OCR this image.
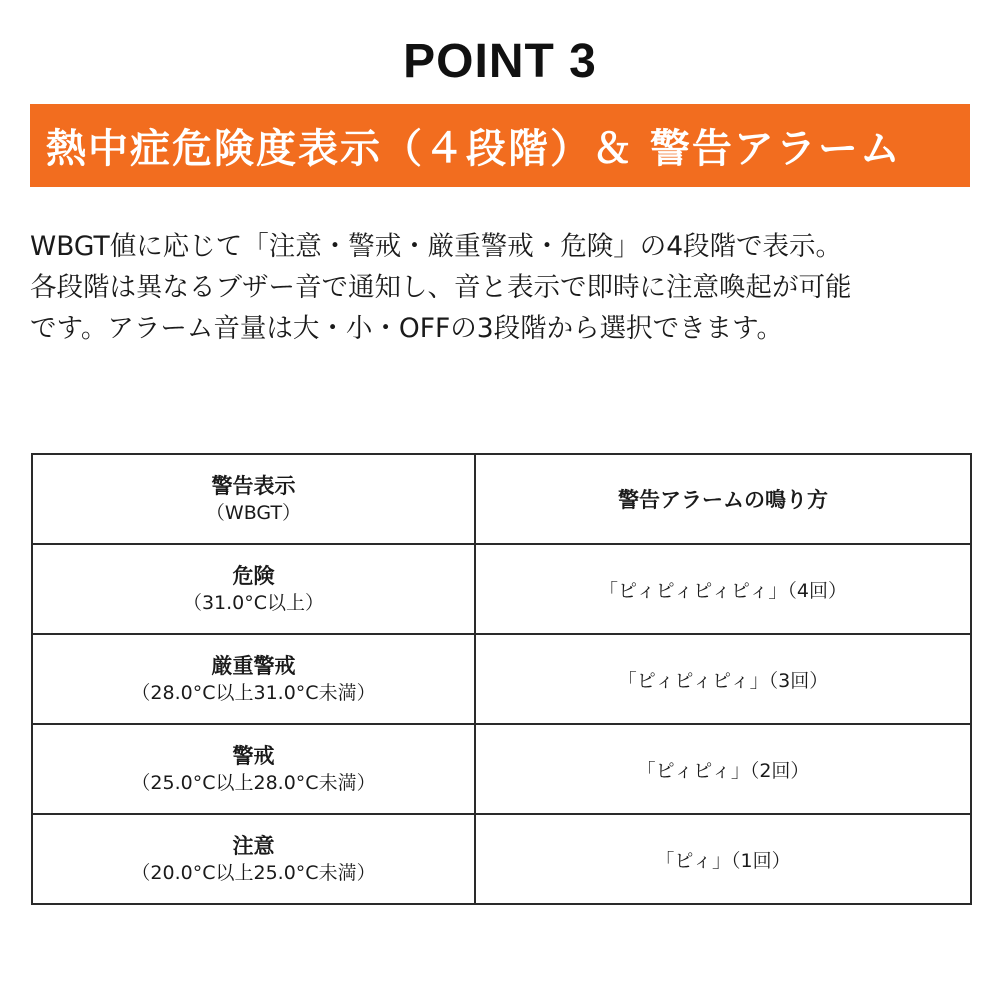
POINT 3
熱中症危険度表示（４段階）＆ 警告アラーム
WBGT値に応じて「注意・警戒・厳重警戒・危険」の4段階で表示。
各段階は異なるブザー音で通知し、音と表示で即時に注意喚起が可能
です。アラーム音量は大・小・OFFの3段階から選択できます。
警告表示
（WBGT）	警告アラームの鳴り方

危険
（31.0°C以上）	「ピィピィピィピィ」（4回）

厳重警戒
（28.0°C以上31.0°C未満）	「ピィピィピィ」（3回）

警戒
（25.0°C以上28.0°C未満）	「ピィピィ」（2回）

注意
（20.0°C以上25.0°C未満）	「ピィ」（1回）
